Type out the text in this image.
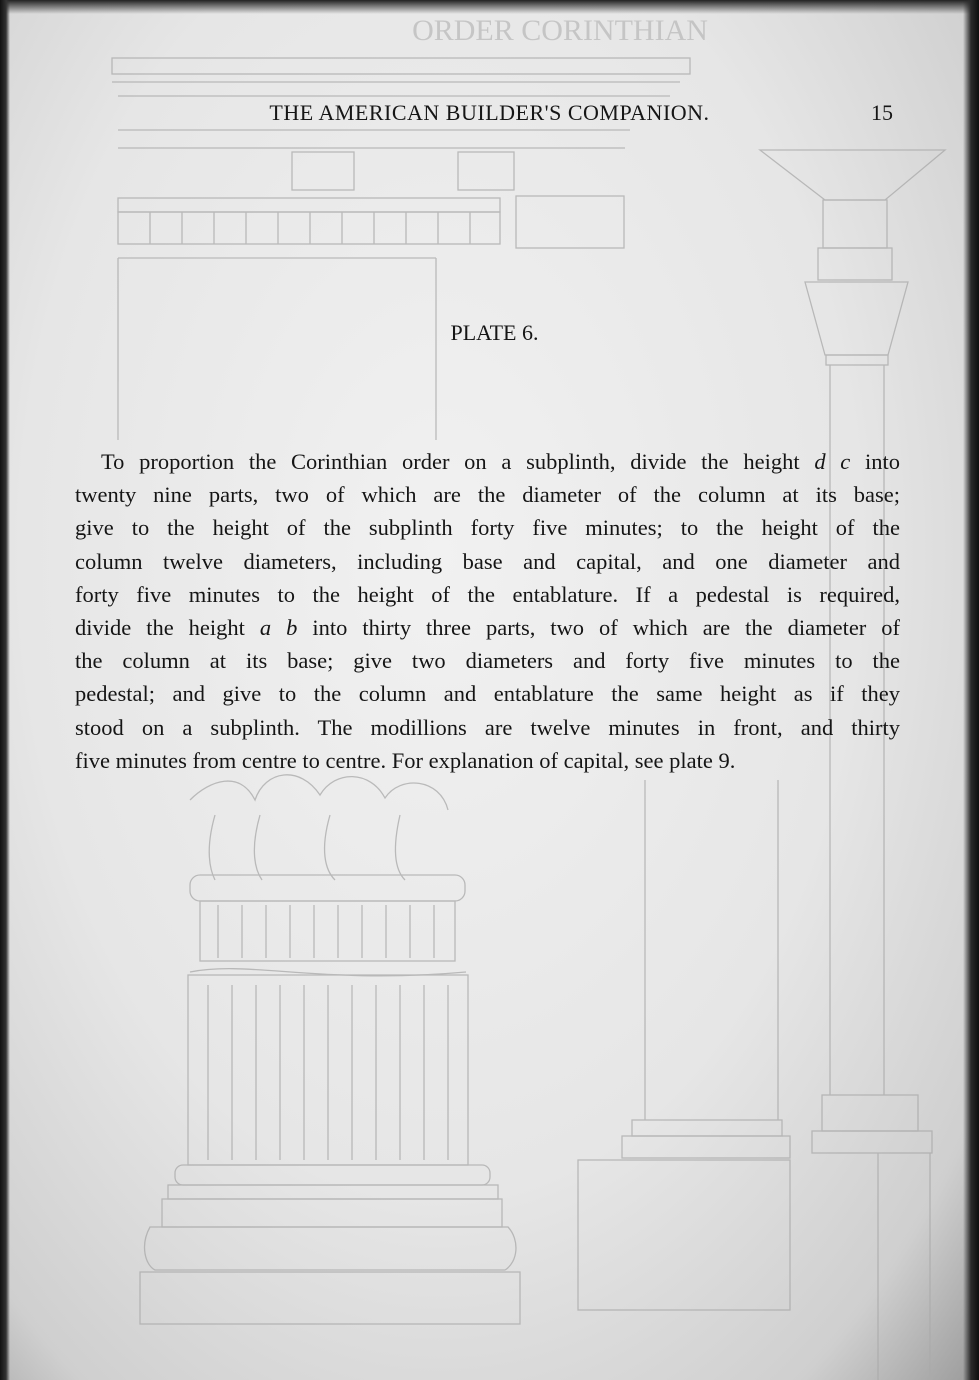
ОRDЕR CORINTHIAN
THE AMERICAN BUILDER'S COMPANION.	15
PLATE 6.
To proportion the Corinthian order on a subplinth, divide the height d c into
twenty nine parts, two of which are the diameter of the column at its base;
give to the height of the subplinth forty five minutes; to the height of the
column twelve diameters, including base and capital, and one diameter and
forty five minutes to the height of the entablature. If a pedestal is required,
divide the height a b into thirty three parts, two of which are the diameter of
the column at its base; give two diameters and forty five minutes to the
pedestal; and give to the column and entablature the same height as if they
stood on a subplinth. The modillions are twelve minutes in front, and thirty
five minutes from centre to centre. For explanation of capital, see plate 9.
